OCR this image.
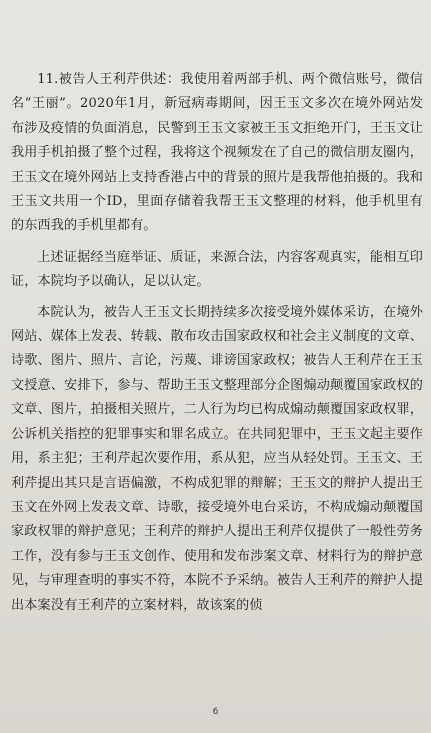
11.被告人王利芹供述：我使用着两部手机、两个微信账号，微信名“王丽”。2020年1月，新冠病毒期间，因王玉文多次在境外网站发布涉及疫情的负面消息，民警到王玉文家被王玉文拒绝开门，王玉文让我用手机拍摄了整个过程，我将这个视频发在了自己的微信朋友圈内，王玉文在境外网站上支持香港占中的背景的照片是我帮他拍摄的。我和王玉文共用一个ID，里面存储着我帮王玉文整理的材料，他手机里有的东西我的手机里都有。

上述证据经当庭举证、质证，来源合法，内容客观真实，能相互印证，本院均予以确认，足以认定。

本院认为，被告人王玉文长期持续多次接受境外媒体采访，在境外网站、媒体上发表、转载、散布攻击国家政权和社会主义制度的文章、诗歌、图片、照片、言论，污蔑、诽谤国家政权；被告人王利芹在王玉文授意、安排下，参与、帮助王玉文整理部分企图煽动颠覆国家政权的文章、图片，拍摄相关照片，二人行为均已构成煽动颠覆国家政权罪，公诉机关指控的犯罪事实和罪名成立。在共同犯罪中，王玉文起主要作用，系主犯；王利芹起次要作用，系从犯，应当从轻处罚。王玉文、王利芹提出其只是言语偏激，不构成犯罪的辩解；王玉文的辩护人提出王玉文在外网上发表文章、诗歌，接受境外电台采访，不构成煽动颠覆国家政权罪的辩护意见；王利芹的辩护人提出王利芹仅提供了一般性劳务工作，没有参与王玉文创作、使用和发布涉案文章、材料行为的辩护意见，与审理查明的事实不符，本院不予采纳。被告人王利芹的辩护人提出本案没有王利芹的立案材料，故该案的侦

6
